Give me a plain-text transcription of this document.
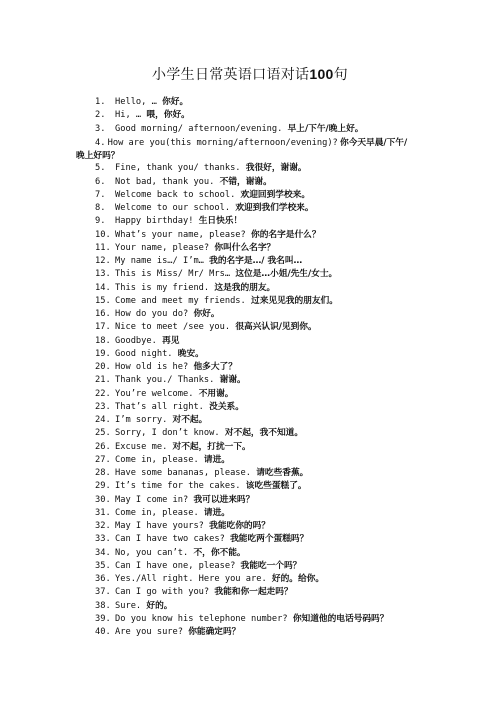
小学生日常英语口语对话100句
1.	Hello, … 你好。
2.	Hi, … 喂，你好。
3.	Good morning/ afternoon/evening. 早上/下午/晚上好。
4. How are you(this morning/afternoon/evening)? 你今天早晨/下午/
晚上好吗？
5.	Fine, thank you/ thanks. 我很好，谢谢。
6.	Not bad, thank you. 不错，谢谢。
7.	Welcome back to school. 欢迎回到学校来。
8.	Welcome to our school. 欢迎到我们学校来。
9.	Happy birthday! 生日快乐！
10. What’s your name, please? 你的名字是什么？
11. Your name, please? 你叫什么名字？
12. My name is…/ I’m… 我的名字是…/ 我名叫…
13. This is Miss/ Mr/ Mrs… 这位是…小姐/先生/女士。
14. This is my friend. 这是我的朋友。
15. Come and meet my friends. 过来见见我的朋友们。
16. How do you do? 你好。
17. Nice to meet /see you. 很高兴认识/见到你。
18. Goodbye. 再见
19. Good night. 晚安。
20. How old is he? 他多大了？
21. Thank you./ Thanks. 谢谢。
22. You’re welcome. 不用谢。
23. That’s all right. 没关系。
24. I’m sorry. 对不起。
25. Sorry, I don’t know. 对不起，我不知道。
26. Excuse me. 对不起，打扰一下。
27. Come in, please. 请进。
28. Have some bananas, please. 请吃些香蕉。
29. It’s time for the cakes. 该吃些蛋糕了。
30. May I come in? 我可以进来吗？
31. Come in, please. 请进。
32. May I have yours? 我能吃你的吗？
33. Can I have two cakes? 我能吃两个蛋糕吗？
34. No, you can’t. 不，你不能。
35. Can I have one, please? 我能吃一个吗？
36. Yes./All right. Here you are. 好的。给你。
37. Can I go with you? 我能和你一起走吗？
38. Sure. 好的。
39. Do you know his telephone number? 你知道他的电话号码吗？
40. Are you sure? 你能确定吗？
